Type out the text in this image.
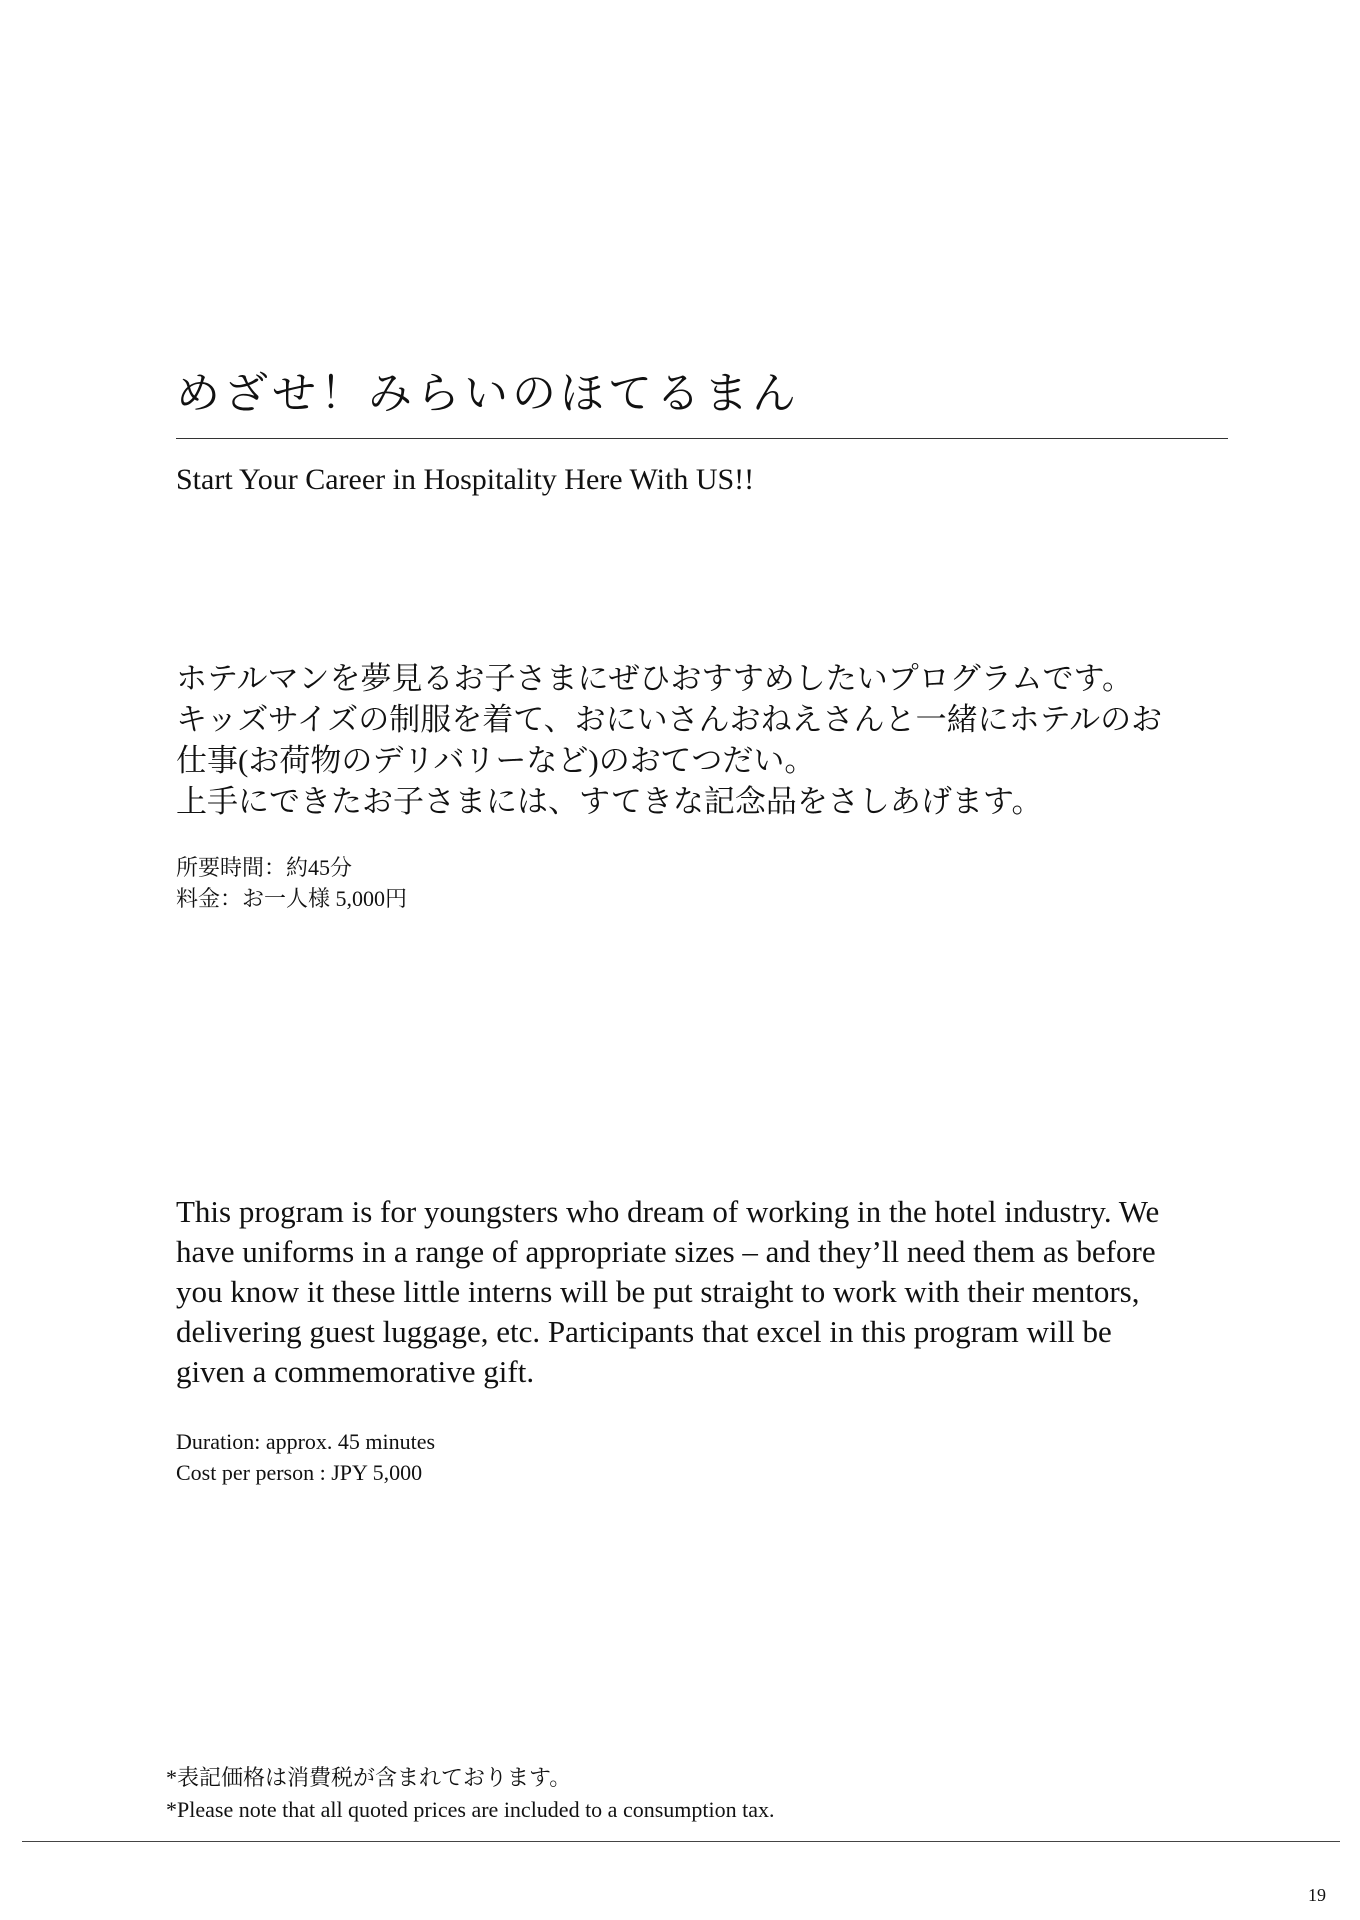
めざせ！みらいのほてるまん
Start Your Career in Hospitality Here With US!!
ホテルマンを夢見るお子さまにぜひおすすめしたいプログラムです。
キッズサイズの制服を着て、おにいさんおねえさんと一緒にホテルのお
仕事(お荷物のデリバリーなど)のおてつだい。
上手にできたお子さまには、すてきな記念品をさしあげます。
所要時間：約45分
料金：お一人様 5,000円
This program is for youngsters who dream of working in the hotel industry. We
have uniforms in a range of appropriate sizes – and they’ll need them as before
you know it these little interns will be put straight to work with their mentors,
delivering guest luggage, etc. Participants that excel in this program will be
given a commemorative gift.
Duration: approx. 45 minutes
Cost per person : JPY 5,000
*表記価格は消費税が含まれております。
*Please note that all quoted prices are included to a consumption tax.
19
